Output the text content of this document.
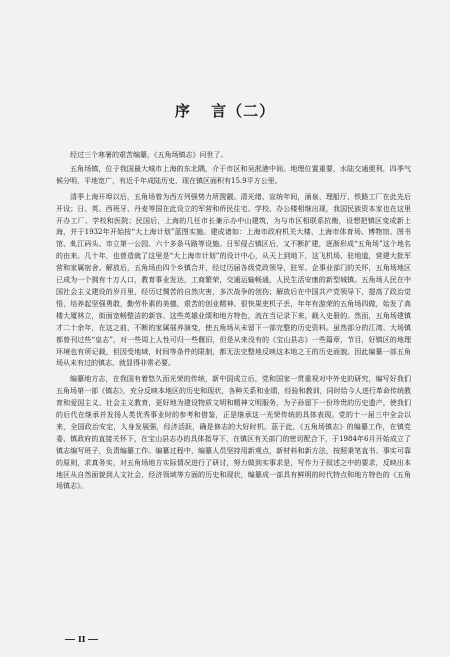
序 言（二）

经过三个寒暑的艰苦编纂，《五角场镇志》问世了。

五角场镇，位于我国最大城市上海的东北隅，介于市区和吴淞港中间。地理位置重要，水陆交通便利，四季气候分明，平地宽广，有近千年成陆历史，现在镇区面积有15.9平方公里。

清季上海开埠以后，五角场曾为西方列强势力所觊觎。清光绪、宣统年间，涌泉、理船厅、铁路工厂在此先后开设；日、英、西班牙、丹麦等国在此设立的军营和侨民住宅、学校、办公楼相继出现，我国民族资本家也在这里开办工厂、学校和医院；民国后，上海的几任市长兼示办中山建筑，为与市区相联系抗衡，设想把镇区变成新上海，并于1932年开始按“大上海计划”蓝图实施。建成诸如：上海市政府机关大楼、上海市体育场、博物馆、图书馆、虬江码头、市立第一公园、六十多条马路等设施。日军侵占镇区后，又不断扩建，逐渐形成“五角场”这个地名的由来。几十年，也曾造就了这里是“大上海市计划”的设计中心，从天上到地下，这飞机场、驻地道，营建大批军营和家属宿舍。解放后，五角场由四个乡镇合并，经过历届各级党政领导，驻军、企事业部门的关怀，五角场地区已成为一个拥有十万人口，教育事业发达，工商繁荣，交通运输畅通，人民生活安康的新型城镇。五角场人民在中国社会主义建设的岁月里，经历过惆苦的自然灾害，多次战争的创伤；解放后在中国共产党领导下，提高了政治觉悟，培养起坚强勇敢，勤劳朴素的美德，艰苦的创业精神。很快果吏机子丢，年年有游荣的五角场四做，始发了高楼大厦林立，街面宽畅整洁的新容。这些英雄业绩和地方特色，流在当记录下来，载入史册的。然而，五角场建镇才二十余年，在这之前，不断的家属展养演变，使五角场从未留下一部完整的历史资料。虽然部分的江湾、大场镇都曾刊过些“皇志”，对一些周上人性可归一些偃旧，但是从来没有的《宝山县志》一些篇章，节目，好镇区的地理环境也有所记载，但因受地域，时间等条件的限制，都无法完整地反映这本地之王的历史面貌。因此编纂一部五角场从未有过的镇志，就显得非常必要。

编纂地方志，在我国有着悠久而光荣的传统，新中国成立后，党和国家一贯重视对中外史的研究，编写好我们五角场第一部《镇志》，充分反映本地区的历史和现状，各种关系和业绩，经验和教训，同时给今人进行革命传统教育和爱国主义、社会主义教育，更好地为建设物质文明和精神文明服务，为子孙留下一份珍贵的历史遗产，使我们的后代在继承并发扬人类优秀事业时的参考和借鉴，正是继承这一光荣传统的具体表现。党的十一届三中全会以来，全国政治安定，人身发展强，经济活跃，确是修志的大好时机。茲于此，《五角场镇志》的编纂工作，在镇党委、镇政府的直接关怀下，在宝山县志办的具体指导下，在镇区有关部门的密切配合下，于1984年6月开始成立了镇志编写班子，负责编纂工作。编纂过程中，编纂人员坚持用新观点，新材料和新方法，按照秉笔直书、事实可靠的原则，求真务实，对五角场地方实际情况进行了研讨，努力做到实事求是，写作力于叙述之中的要求，反映出本地区从自然面貌到人文社会，经济领域等方面的历史和现状，编纂成一部具有鲜明的时代特点和地方特色的《五角场镇志》。

II
